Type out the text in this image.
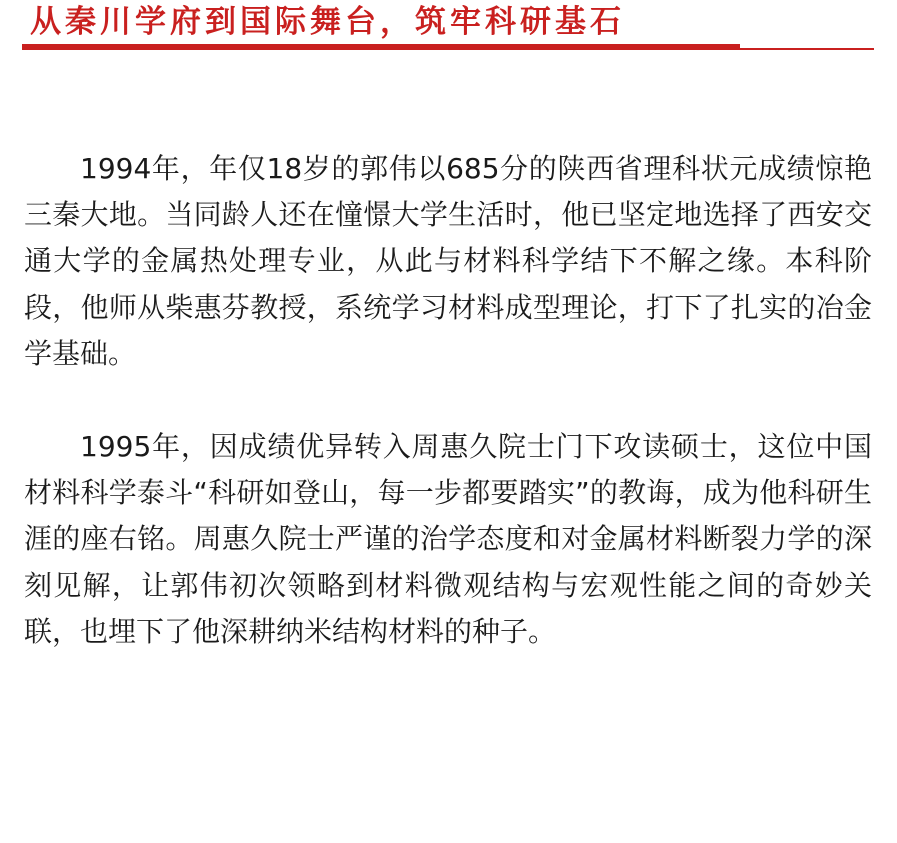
从秦川学府到国际舞台，筑牢科研基石

1994年，年仅18岁的郭伟以685分的陕西省理科状元成绩惊艳三秦大地。当同龄人还在憧憬大学生活时，他已坚定地选择了西安交通大学的金属热处理专业，从此与材料科学结下不解之缘。本科阶段，他师从柴惠芬教授，系统学习材料成型理论，打下了扎实的冶金学基础。

1995年，因成绩优异转入周惠久院士门下攻读硕士，这位中国材料科学泰斗“科研如登山，每一步都要踏实”的教诲，成为他科研生涯的座右铭。周惠久院士严谨的治学态度和对金属材料断裂力学的深刻见解，让郭伟初次领略到材料微观结构与宏观性能之间的奇妙关联，也埋下了他深耕纳米结构材料的种子。
